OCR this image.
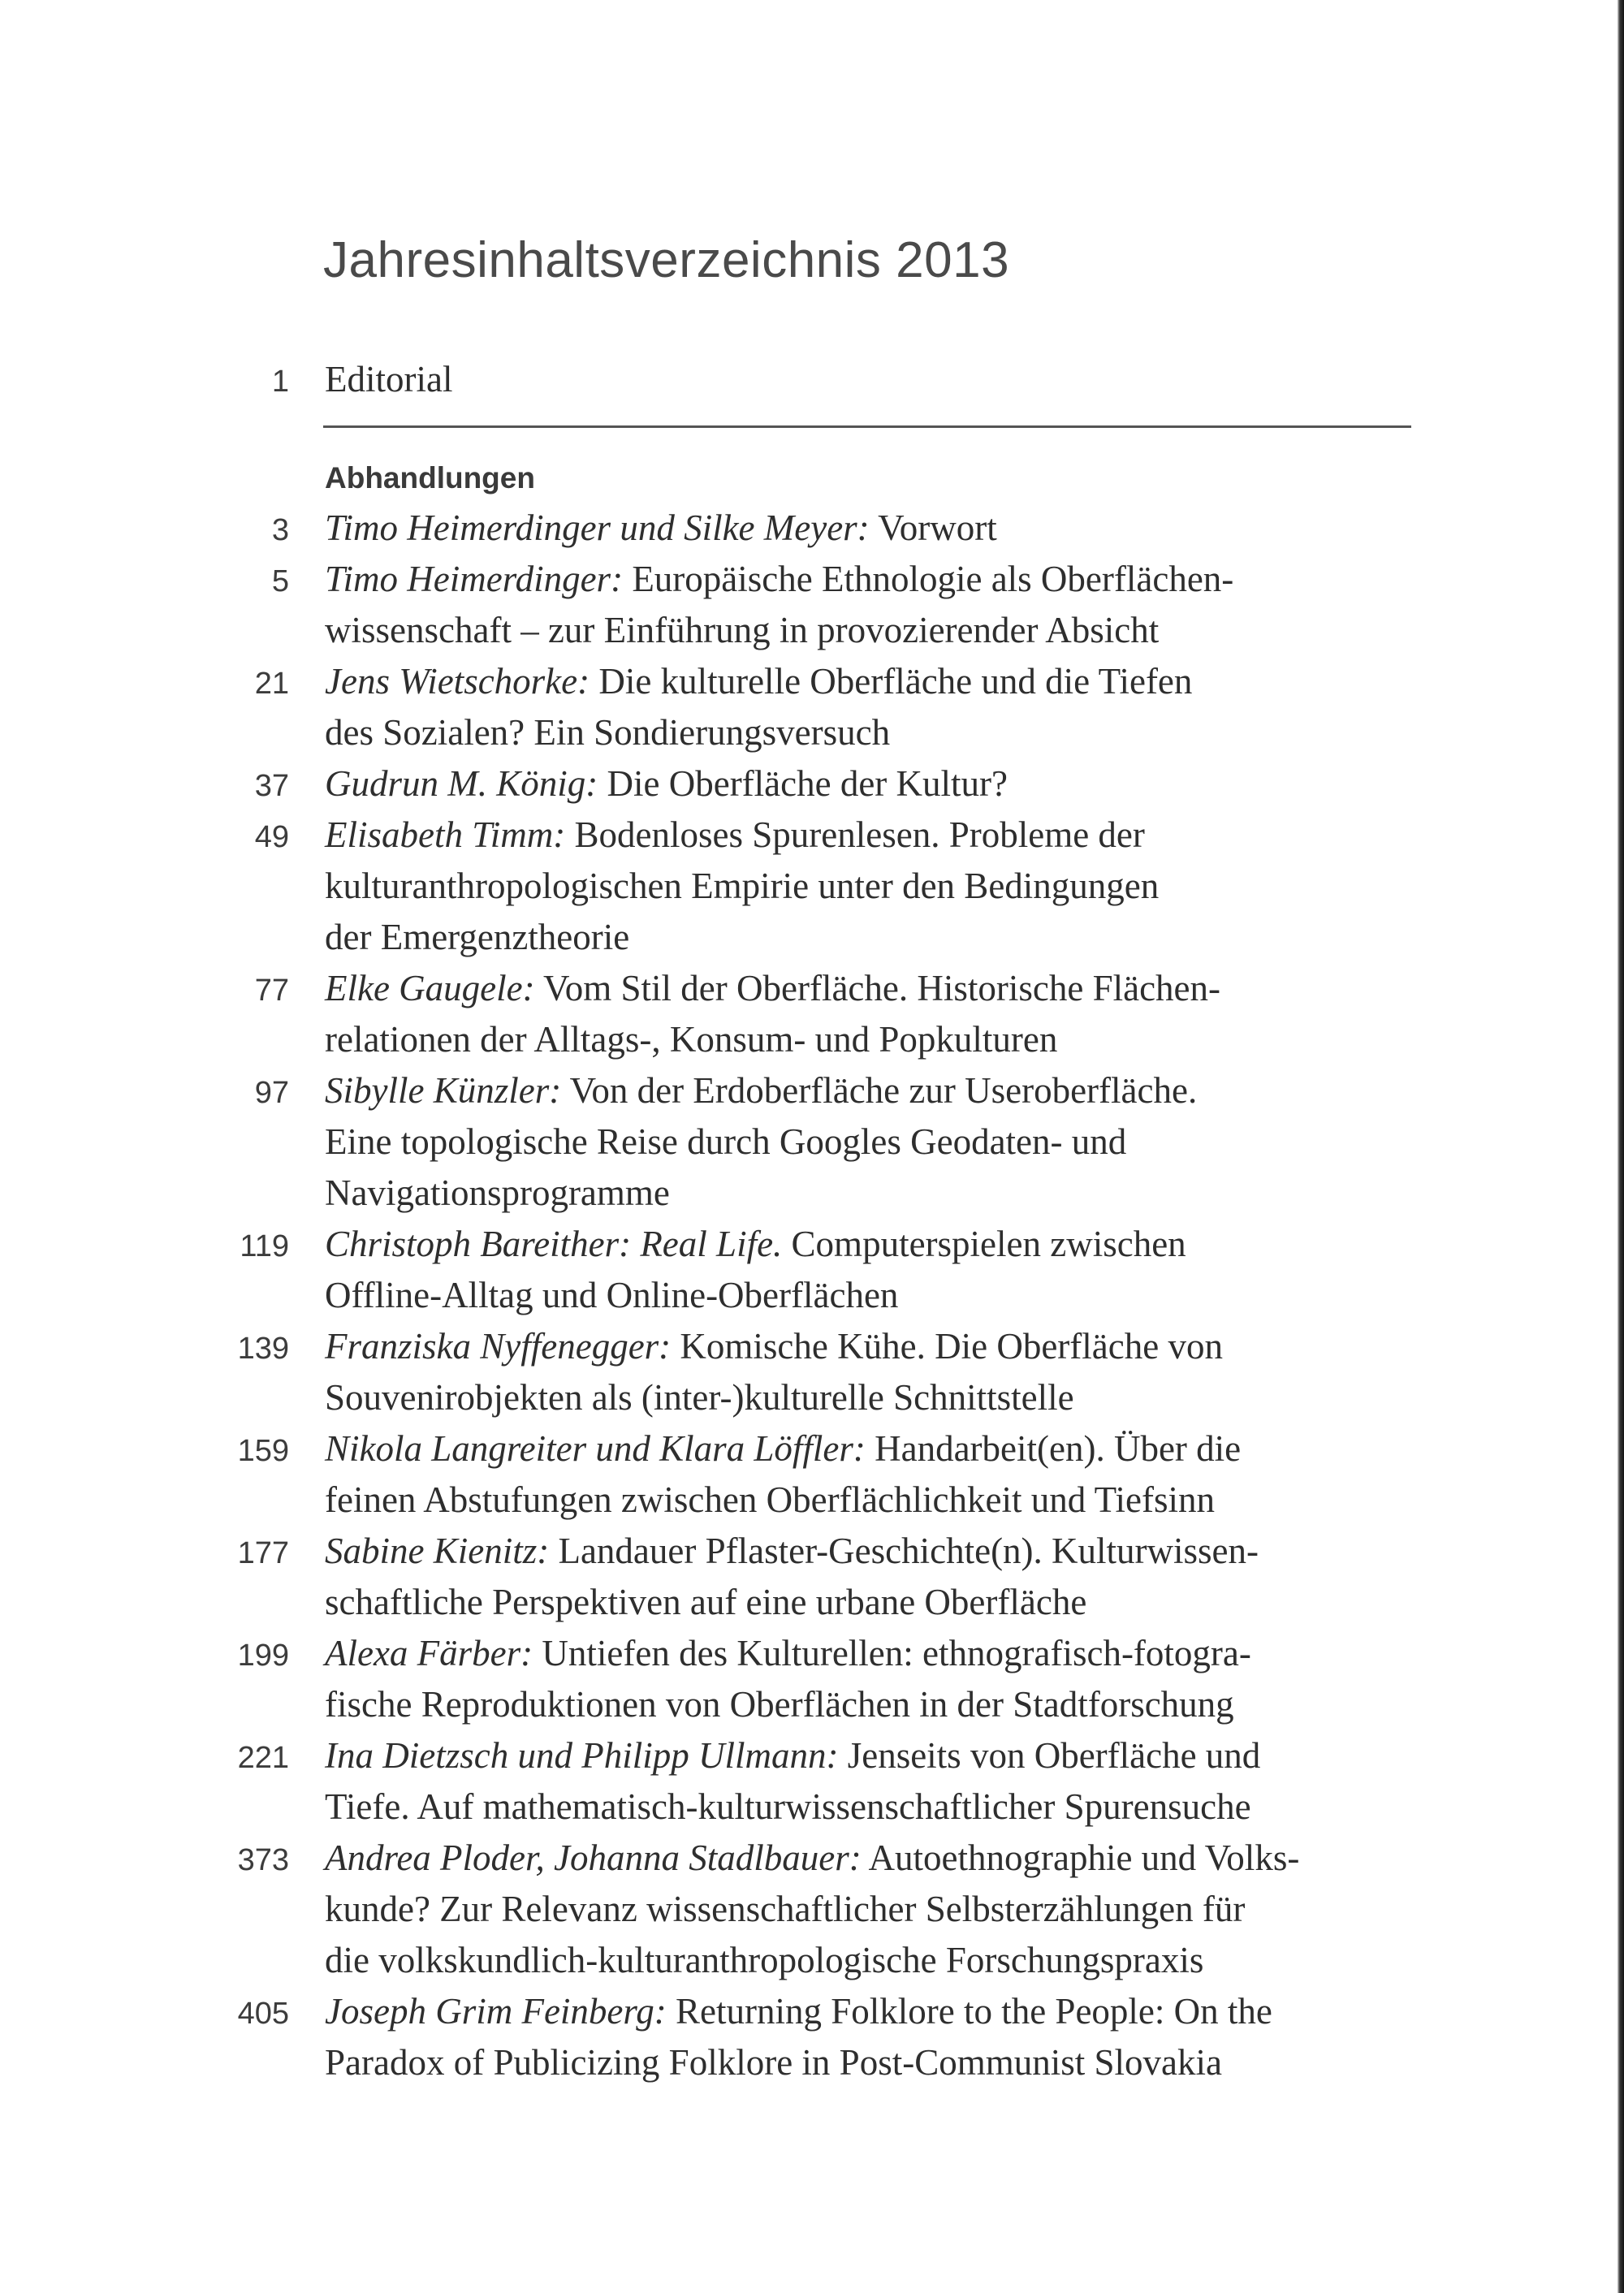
Jahresinhaltsverzeichnis 2013
1 Editorial
Abhandlungen
3 Timo Heimerdinger und Silke Meyer: Vorwort
5 Timo Heimerdinger: Europäische Ethnologie als Oberflächen-
wissenschaft – zur Einführung in provozierender Absicht
21 Jens Wietschorke: Die kulturelle Oberfläche und die Tiefen
des Sozialen? Ein Sondierungsversuch
37 Gudrun M. König: Die Oberfläche der Kultur?
49 Elisabeth Timm: Bodenloses Spurenlesen. Probleme der
kulturanthropologischen Empirie unter den Bedingungen
der Emergenztheorie
77 Elke Gaugele: Vom Stil der Oberfläche. Historische Flächen-
relationen der Alltags-, Konsum- und Popkulturen
97 Sibylle Künzler: Von der Erdoberfläche zur Useroberfläche.
Eine topologische Reise durch Googles Geodaten- und
Navigationsprogramme
119 Christoph Bareither: Real Life. Computerspielen zwischen
Offline-Alltag und Online-Oberflächen
139 Franziska Nyffenegger: Komische Kühe. Die Oberfläche von
Souvenirobjekten als (inter-)kulturelle Schnittstelle
159 Nikola Langreiter und Klara Löffler: Handarbeit(en). Über die
feinen Abstufungen zwischen Oberflächlichkeit und Tiefsinn
177 Sabine Kienitz: Landauer Pflaster-Geschichte(n). Kulturwissen-
schaftliche Perspektiven auf eine urbane Oberfläche
199 Alexa Färber: Untiefen des Kulturellen: ethnografisch-fotogra-
fische Reproduktionen von Oberflächen in der Stadtforschung
221 Ina Dietzsch und Philipp Ullmann: Jenseits von Oberfläche und
Tiefe. Auf mathematisch-kulturwissenschaftlicher Spurensuche
373 Andrea Ploder, Johanna Stadlbauer: Autoethnographie und Volks-
kunde? Zur Relevanz wissenschaftlicher Selbsterzählungen für
die volkskundlich-kulturanthropologische Forschungspraxis
405 Joseph Grim Feinberg: Returning Folklore to the People: On the
Paradox of Publicizing Folklore in Post-Communist Slovakia
